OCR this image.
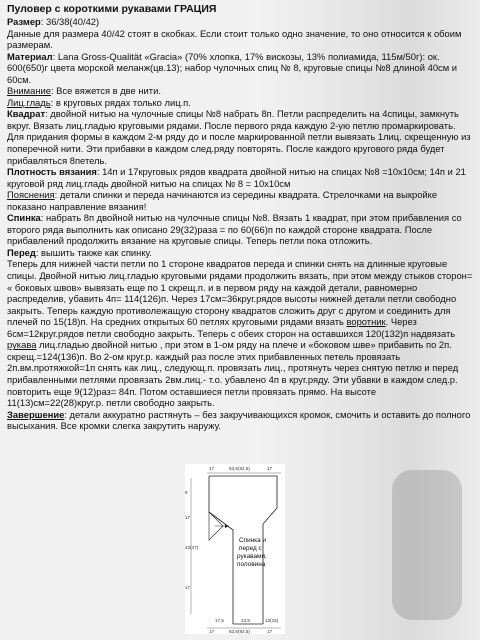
Пуловер с короткими рукавами ГРАЦИЯ

Размер: 36/38(40/42)

Данные для размера 40/42 стоят в скобках. Если стоит только одно значение, то оно относится к обоим размерам.

Материал: Lana Gross-Qualität «Gracia» (70% хлопка, 17% вискозы, 13% полиамида, 115м/50г): ок. 600(650)г цвета морской меланж(цв.13); набор чулочных спиц № 8, круговые спицы №8 длиной 40см и 60см.

Внимание: Все вяжется в две нити.

Лиц.гладь: в круговых рядах только лиц.п.

Квадрат: двойной нитью на чулочные спицы №8 набрать 8п. Петли распределить на 4спицы, замкнуть вкруг. Вязать лиц.гладью круговыми рядами. После первого ряда каждую 2-ую петлю промаркировать. Для придания формы в каждом 2-м ряду до и после маркированной петли вывязать 1лиц. скрещенную из поперечной нити. Эти прибавки в каждом след.ряду повторять. После каждого кругового ряда будет прибавляться 8петель.

Плотность вязания: 14п и 17круговых рядов квадрата двойной нитью на спицах №8 =10х10см; 14п и 21 круговой ряд лиц.гладь двойной нитью на спицах № 8 = 10х10см

Пояснения: детали спинки и переда начинаются из середины квадрата. Стрелочками на выкройке показано направление вязания!

Спинка: набрать 8п двойной нитью на чулочные спицы №8. Вязать 1 квадрат, при этом прибавления со второго ряда выполнить как описано 29(32)раза = по 60(66)п по каждой стороне квадрата. После прибавлений продолжить вязание на круговые спицы. Теперь петли пока отложить.

Перед: вышить также как спинку.

Теперь для нижней части петли по 1 стороне квадратов переда и спинки снять на длинные круговые спицы. Двойной нитью лиц.гладью круговыми рядами продолжить вязать, при этом между стыков сторон= « боковых швов» вывязать еще по 1 скрещ.п. и в первом ряду на каждой детали, равномерно распределив, убавить 4п= 114(126)п. Через 17см=36круг.рядов высоты нижней детали петли свободно закрыть. Теперь каждую противолежащую сторону квадратов сложить друг с другом и соединить для плечей по 15(18)п. На средних открытых 60 петлях круговыми рядами вязать воротник. Через 6см=12круг.рядов петли свободно закрыть. Теперь с обеих сторон на оставшихся 120(132)п надвязать рукава лиц.гладью двойной нитью , при этом в 1-ом ряду на плече и «боковом шве» прибавить по 2п. скрещ.=124(136)п. Во 2-ом круг.р. каждый раз после этих прибавленных петель провязать 2п.вм.протяжкой=1п снять как лиц., следующ.п. провязать лиц., протянуть через снятую петлю и перед прибавленными петлями провязать 2вм.лиц.- т.о. убавлено 4п в круг.ряду. Эти убавки в каждом след.р. повторить еще 9(12)раз= 84п. Потом оставшиеся петли провязать прямо. На высоте 11(13)см=22(28)круг.р. петли свободно закрыть.

Завершение: детали аккуратно растянуть – без закручивающихся кромок, смочить и оставить до полного высыхания. Все кромки слегка закрутить наружу.

17	83,5(92,5)	17
6
17
43(47)
17
Спинка и
перед с
рукавами,
половина
17	83,5(92,5)	17
17,5	13,5	13(15)
